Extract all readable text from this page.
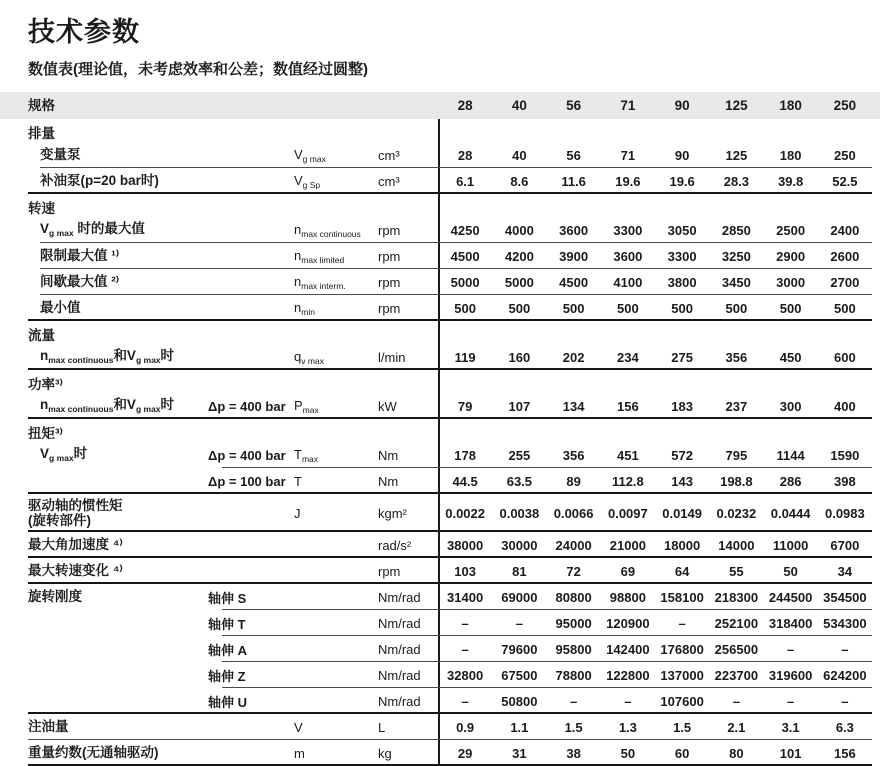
技术参数
数值表(理论值，未考虑效率和公差；数值经过圆整)
规格	28	40	56	71	90	125	180	250
排量
变量泵	$V_{g max}$	cm³	28	40	56	71	90	125	180	250
补油泵(p=20 bar时)	$V_{g Sp}$	cm³	6.1	8.6	11.6	19.6	19.6	28.3	39.8	52.5
转速
$V_{g max}$ 时的最大值	$n_{max continuous}$	rpm	4250	4000	3600	3300	3050	2850	2500	2400
限制最大值 ¹⁾	$n_{max limited}$	rpm	4500	4200	3900	3600	3300	3250	2900	2600
间歇最大值 ²⁾	$n_{max interm.}$	rpm	5000	5000	4500	4100	3800	3450	3000	2700
最小值	$n_{min}$	rpm	500	500	500	500	500	500	500	500
流量
$n_{max continuous}$和$V_{g max}$时	$q_{v max}$	l/min	119	160	202	234	275	356	450	600
功率³⁾
$n_{max continuous}$和$V_{g max}$时	Δp = 400 bar $P_{max}$	kW	79	107	134	156	183	237	300	400
扭矩³⁾
$V_{g max}$时	Δp = 400 bar $T_{max}$	Nm	178	255	356	451	572	795	1144	1590
Δp = 100 bar T	Nm	44.5	63.5	89	112.8	143	198.8	286	398
驱动轴的惯性矩
(旋转部件)	J	kgm²	0.0022	0.0038	0.0066	0.0097	0.0149	0.0232	0.0444	0.0983
最大角加速度 ⁴⁾	rad/s²	38000	30000	24000	21000	18000	14000	11000	6700
最大转速变化 ⁴⁾	rpm	103	81	72	69	64	55	50	34
旋转刚度	轴伸 S	Nm/rad	31400	69000	80800	98800	158100 218300 244500 354500
轴伸 T	Nm/rad	–	–	95000	120900	–	252100 318400 534300
轴伸 A	Nm/rad	–	79600	95800	142400 176800 256500	–	–
轴伸 Z	Nm/rad	32800	67500	78800	122800 137000 223700 319600 624200
轴伸 U	Nm/rad	–	50800	–	–	107600	–	–	–
注油量	V	L	0.9	1.1	1.5	1.3	1.5	2.1	3.1	6.3
重量约数(无通轴驱动)	m	kg	29	31	38	50	60	80	101	156
